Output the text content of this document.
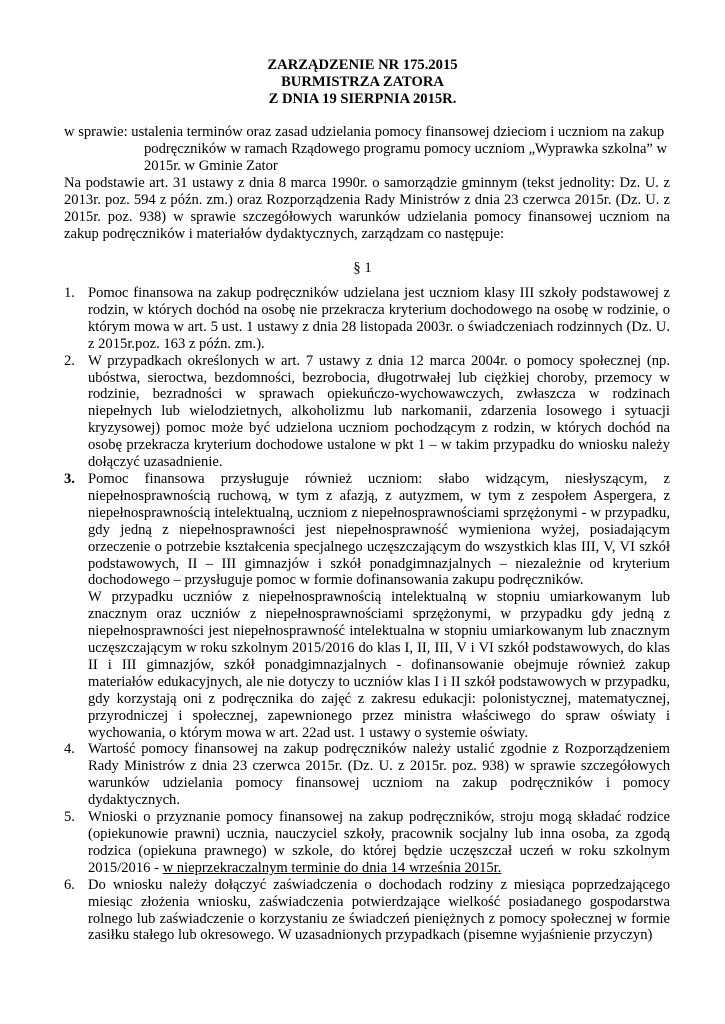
ZARZĄDZENIE NR 175.2015
BURMISTRZA ZATORA
Z DNIA 19 SIERPNIA 2015R.
w sprawie: ustalenia terminów oraz zasad udzielania pomocy finansowej dzieciom i uczniom na zakup podręczników w ramach Rządowego programu pomocy uczniom „Wyprawka szkolna” w 2015r. w Gminie Zator
Na podstawie art. 31 ustawy z dnia 8 marca 1990r. o samorządzie gminnym (tekst jednolity: Dz. U. z 2013r. poz. 594 z późn. zm.) oraz Rozporządzenia Rady Ministrów z dnia 23 czerwca 2015r. (Dz. U. z 2015r. poz. 938) w sprawie szczegółowych warunków udzielania pomocy finansowej uczniom na zakup podręczników i materiałów dydaktycznych, zarządzam co następuje:
§ 1
1. Pomoc finansowa na zakup podręczników udzielana jest uczniom klasy III szkoły podstawowej z rodzin, w których dochód na osobę nie przekracza kryterium dochodowego na osobę w rodzinie, o którym mowa w art. 5 ust. 1 ustawy z dnia 28 listopada 2003r. o świadczeniach rodzinnych (Dz. U. z 2015r.poz. 163 z późn. zm.).
2. W przypadkach określonych w art. 7 ustawy z dnia 12 marca 2004r. o pomocy społecznej (np. ubóstwa, sieroctwa, bezdomności, bezrobocia, długotrwałej lub ciężkiej choroby, przemocy w rodzinie, bezradności w sprawach opiekuńczo-wychowawczych, zwłaszcza w rodzinach niepełnych lub wielodzietnych, alkoholizmu lub narkomanii, zdarzenia losowego i sytuacji kryzysowej) pomoc może być udzielona uczniom pochodzącym z rodzin, w których dochód na osobę przekracza kryterium dochodowe ustalone w pkt 1 – w takim przypadku do wniosku należy dołączyć uzasadnienie.
3. Pomoc finansowa przysługuje również uczniom: słabo widzącym, niesłyszącym, z niepełnosprawnością ruchową, w tym z afazją, z autyzmem, w tym z zespołem Aspergera, z niepełnosprawnością intelektualną, uczniom z niepełnosprawnościami sprzężonymi - w przypadku, gdy jedną z niepełnosprawności jest niepełnosprawność wymieniona wyżej, posiadającym orzeczenie o potrzebie kształcenia specjalnego uczęszczającym do wszystkich klas III, V, VI szkół podstawowych, II – III gimnazjów i szkół ponadgimnazjalnych – niezależnie od kryterium dochodowego – przysługuje pomoc w formie dofinansowania zakupu podręczników.
W przypadku uczniów z niepełnosprawnością intelektualną w stopniu umiarkowanym lub znacznym oraz uczniów z niepełnosprawnościami sprzężonymi, w przypadku gdy jedną z niepełnosprawności jest niepełnosprawność intelektualna w stopniu umiarkowanym lub znacznym uczęszczającym w roku szkolnym 2015/2016 do klas I, II, III, V i VI szkół podstawowych, do klas II i III gimnazjów, szkół ponadgimnazjalnych - dofinansowanie obejmuje również zakup materiałów edukacyjnych, ale nie dotyczy to uczniów klas I i II szkół podstawowych w przypadku, gdy korzystają oni z podręcznika do zajęć z zakresu edukacji: polonistycznej, matematycznej, przyrodniczej i społecznej, zapewnionego przez ministra właściwego do spraw oświaty i wychowania, o którym mowa w art. 22ad ust. 1 ustawy o systemie oświaty.
4. Wartość pomocy finansowej na zakup podręczników należy ustalić zgodnie z Rozporządzeniem Rady Ministrów z dnia 23 czerwca 2015r. (Dz. U. z 2015r. poz. 938) w sprawie szczegółowych warunków udzielania pomocy finansowej uczniom na zakup podręczników i pomocy dydaktycznych.
5. Wnioski o przyznanie pomocy finansowej na zakup podręczników, stroju mogą składać rodzice (opiekunowie prawni) ucznia, nauczyciel szkoły, pracownik socjalny lub inna osoba, za zgodą rodzica (opiekuna prawnego) w szkole, do której będzie uczęszczał uczeń w roku szkolnym 2015/2016 - w nieprzekraczalnym terminie do dnia 14 września 2015r.
6. Do wniosku należy dołączyć zaświadczenia o dochodach rodziny z miesiąca poprzedzającego miesiąc złożenia wniosku, zaświadczenia potwierdzające wielkość posiadanego gospodarstwa rolnego lub zaświadczenie o korzystaniu ze świadczeń pieniężnych z pomocy społecznej w formie zasiłku stałego lub okresowego. W uzasadnionych przypadkach (pisemne wyjaśnienie przyczyn)
